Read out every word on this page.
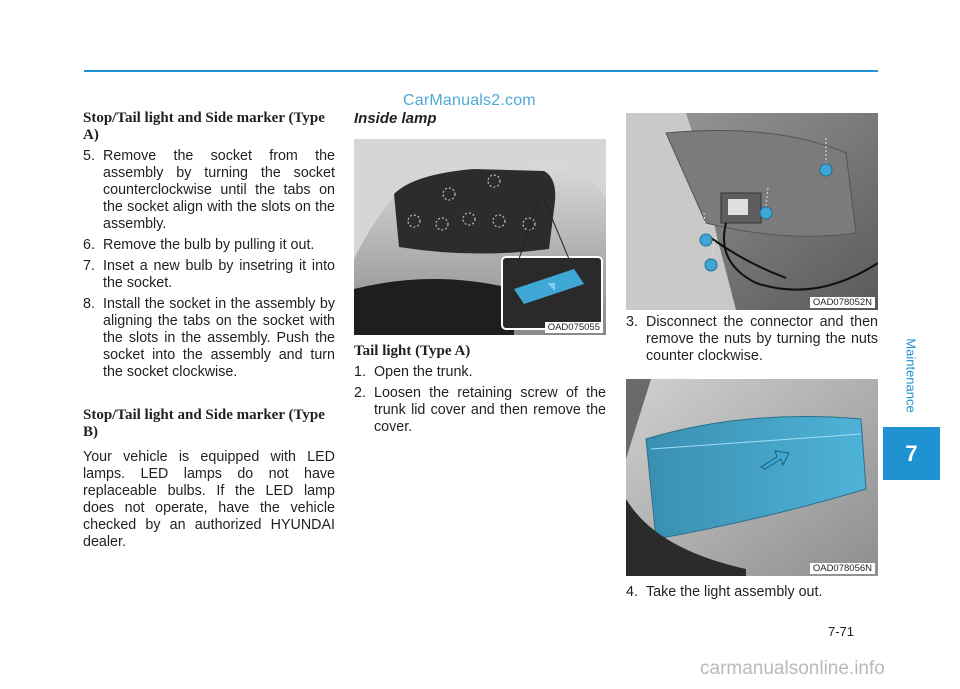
CarManuals2.com

Stop/Tail light and Side marker (Type A)

5. Remove the socket from the assembly by turning the socket counterclockwise until the tabs on the socket align with the slots on the assembly.

6. Remove the bulb by pulling it out.

7. Inset a new bulb by insetring it into the socket.

8. Install the socket in the assembly by aligning the tabs on the socket with the slots in the assembly. Push the socket into the assembly and turn the socket clockwise.

Stop/Tail light and Side marker (Type B)

Your vehicle is equipped with LED lamps. LED lamps do not have replaceable bulbs. If the LED lamp does not operate, have the vehicle checked by an authorized HYUNDAI dealer.

Inside lamp

OAD075055

Tail light (Type A)

1. Open the trunk.

2. Loosen the retaining screw of the trunk lid cover and then remove the cover.

OAD078052N

3. Disconnect the connector and then remove the nuts by turning the nuts counter clockwise.

OAD078056N

4. Take the light assembly out.

Maintenance
7
7-71
carmanualsonline.info
